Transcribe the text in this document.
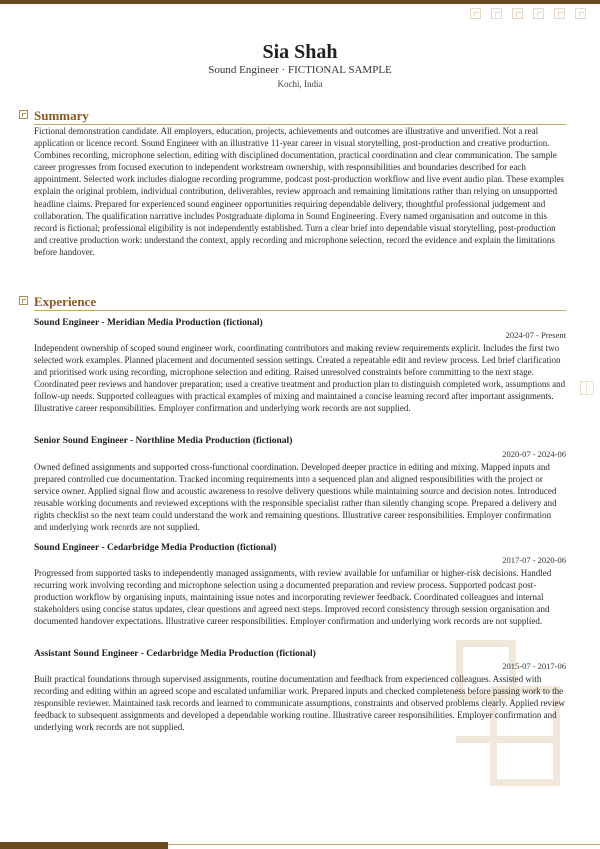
Sia Shah
Sound Engineer · FICTIONAL SAMPLE
Kochi, India
Summary
Fictional demonstration candidate. All employers, education, projects, achievements and outcomes are illustrative and unverified. Not a real application or licence record. Sound Engineer with an illustrative 11-year career in visual storytelling, post-production and creative production. Combines recording, microphone selection, editing with disciplined documentation, practical coordination and clear communication. The sample career progresses from focused execution to independent workstream ownership, with responsibilities and boundaries described for each appointment. Selected work includes dialogue recording programme, podcast post-production workflow and live event audio plan. These examples explain the original problem, individual contribution, deliverables, review approach and remaining limitations rather than relying on unsupported headline claims. Prepared for experienced sound engineer opportunities requiring dependable delivery, thoughtful professional judgement and collaboration. The qualification narrative includes Postgraduate diploma in Sound Engineering. Every named organisation and outcome in this record is fictional; professional eligibility is not independently established. Turn a clear brief into dependable visual storytelling, post-production and creative production work: understand the context, apply recording and microphone selection, record the evidence and explain the limitations before handover.
Experience
Sound Engineer - Meridian Media Production (fictional)
2024-07 - Present
Independent ownership of scoped sound engineer work, coordinating contributors and making review requirements explicit. Includes the first two selected work examples. Planned placement and documented session settings. Created a repeatable edit and review process. Led brief clarification and prioritised work using recording, microphone selection and editing. Raised unresolved constraints before committing to the next stage. Coordinated peer reviews and handover preparation; used a creative treatment and production plan to distinguish completed work, assumptions and follow-up needs. Supported colleagues with practical examples of mixing and maintained a concise learning record after important assignments. Illustrative career responsibilities. Employer confirmation and underlying work records are not supplied.
Senior Sound Engineer - Northline Media Production (fictional)
2020-07 - 2024-06
Owned defined assignments and supported cross-functional coordination. Developed deeper practice in editing and mixing. Mapped inputs and prepared controlled cue documentation. Tracked incoming requirements into a sequenced plan and aligned responsibilities with the project or service owner. Applied signal flow and acoustic awareness to resolve delivery questions while maintaining source and decision notes. Introduced reusable working documents and reviewed exceptions with the responsible specialist rather than silently changing scope. Prepared a delivery and rights checklist so the next team could understand the work and remaining questions. Illustrative career responsibilities. Employer confirmation and underlying work records are not supplied.
Sound Engineer - Cedarbridge Media Production (fictional)
2017-07 - 2020-06
Progressed from supported tasks to independently managed assignments, with review available for unfamiliar or higher-risk decisions. Handled recurring work involving recording and microphone selection using a documented preparation and review process. Supported podcast post-production workflow by organising inputs, maintaining issue notes and incorporating reviewer feedback. Coordinated colleagues and internal stakeholders using concise status updates, clear questions and agreed next steps. Improved record consistency through session organisation and documented handover expectations. Illustrative career responsibilities. Employer confirmation and underlying work records are not supplied.
Assistant Sound Engineer - Cedarbridge Media Production (fictional)
2015-07 - 2017-06
Built practical foundations through supervised assignments, routine documentation and feedback from experienced colleagues. Assisted with recording and editing within an agreed scope and escalated unfamiliar work. Prepared inputs and checked completeness before passing work to the responsible reviewer. Maintained task records and learned to communicate assumptions, constraints and observed problems clearly. Applied review feedback to subsequent assignments and developed a dependable working routine. Illustrative career responsibilities. Employer confirmation and underlying work records are not supplied.
